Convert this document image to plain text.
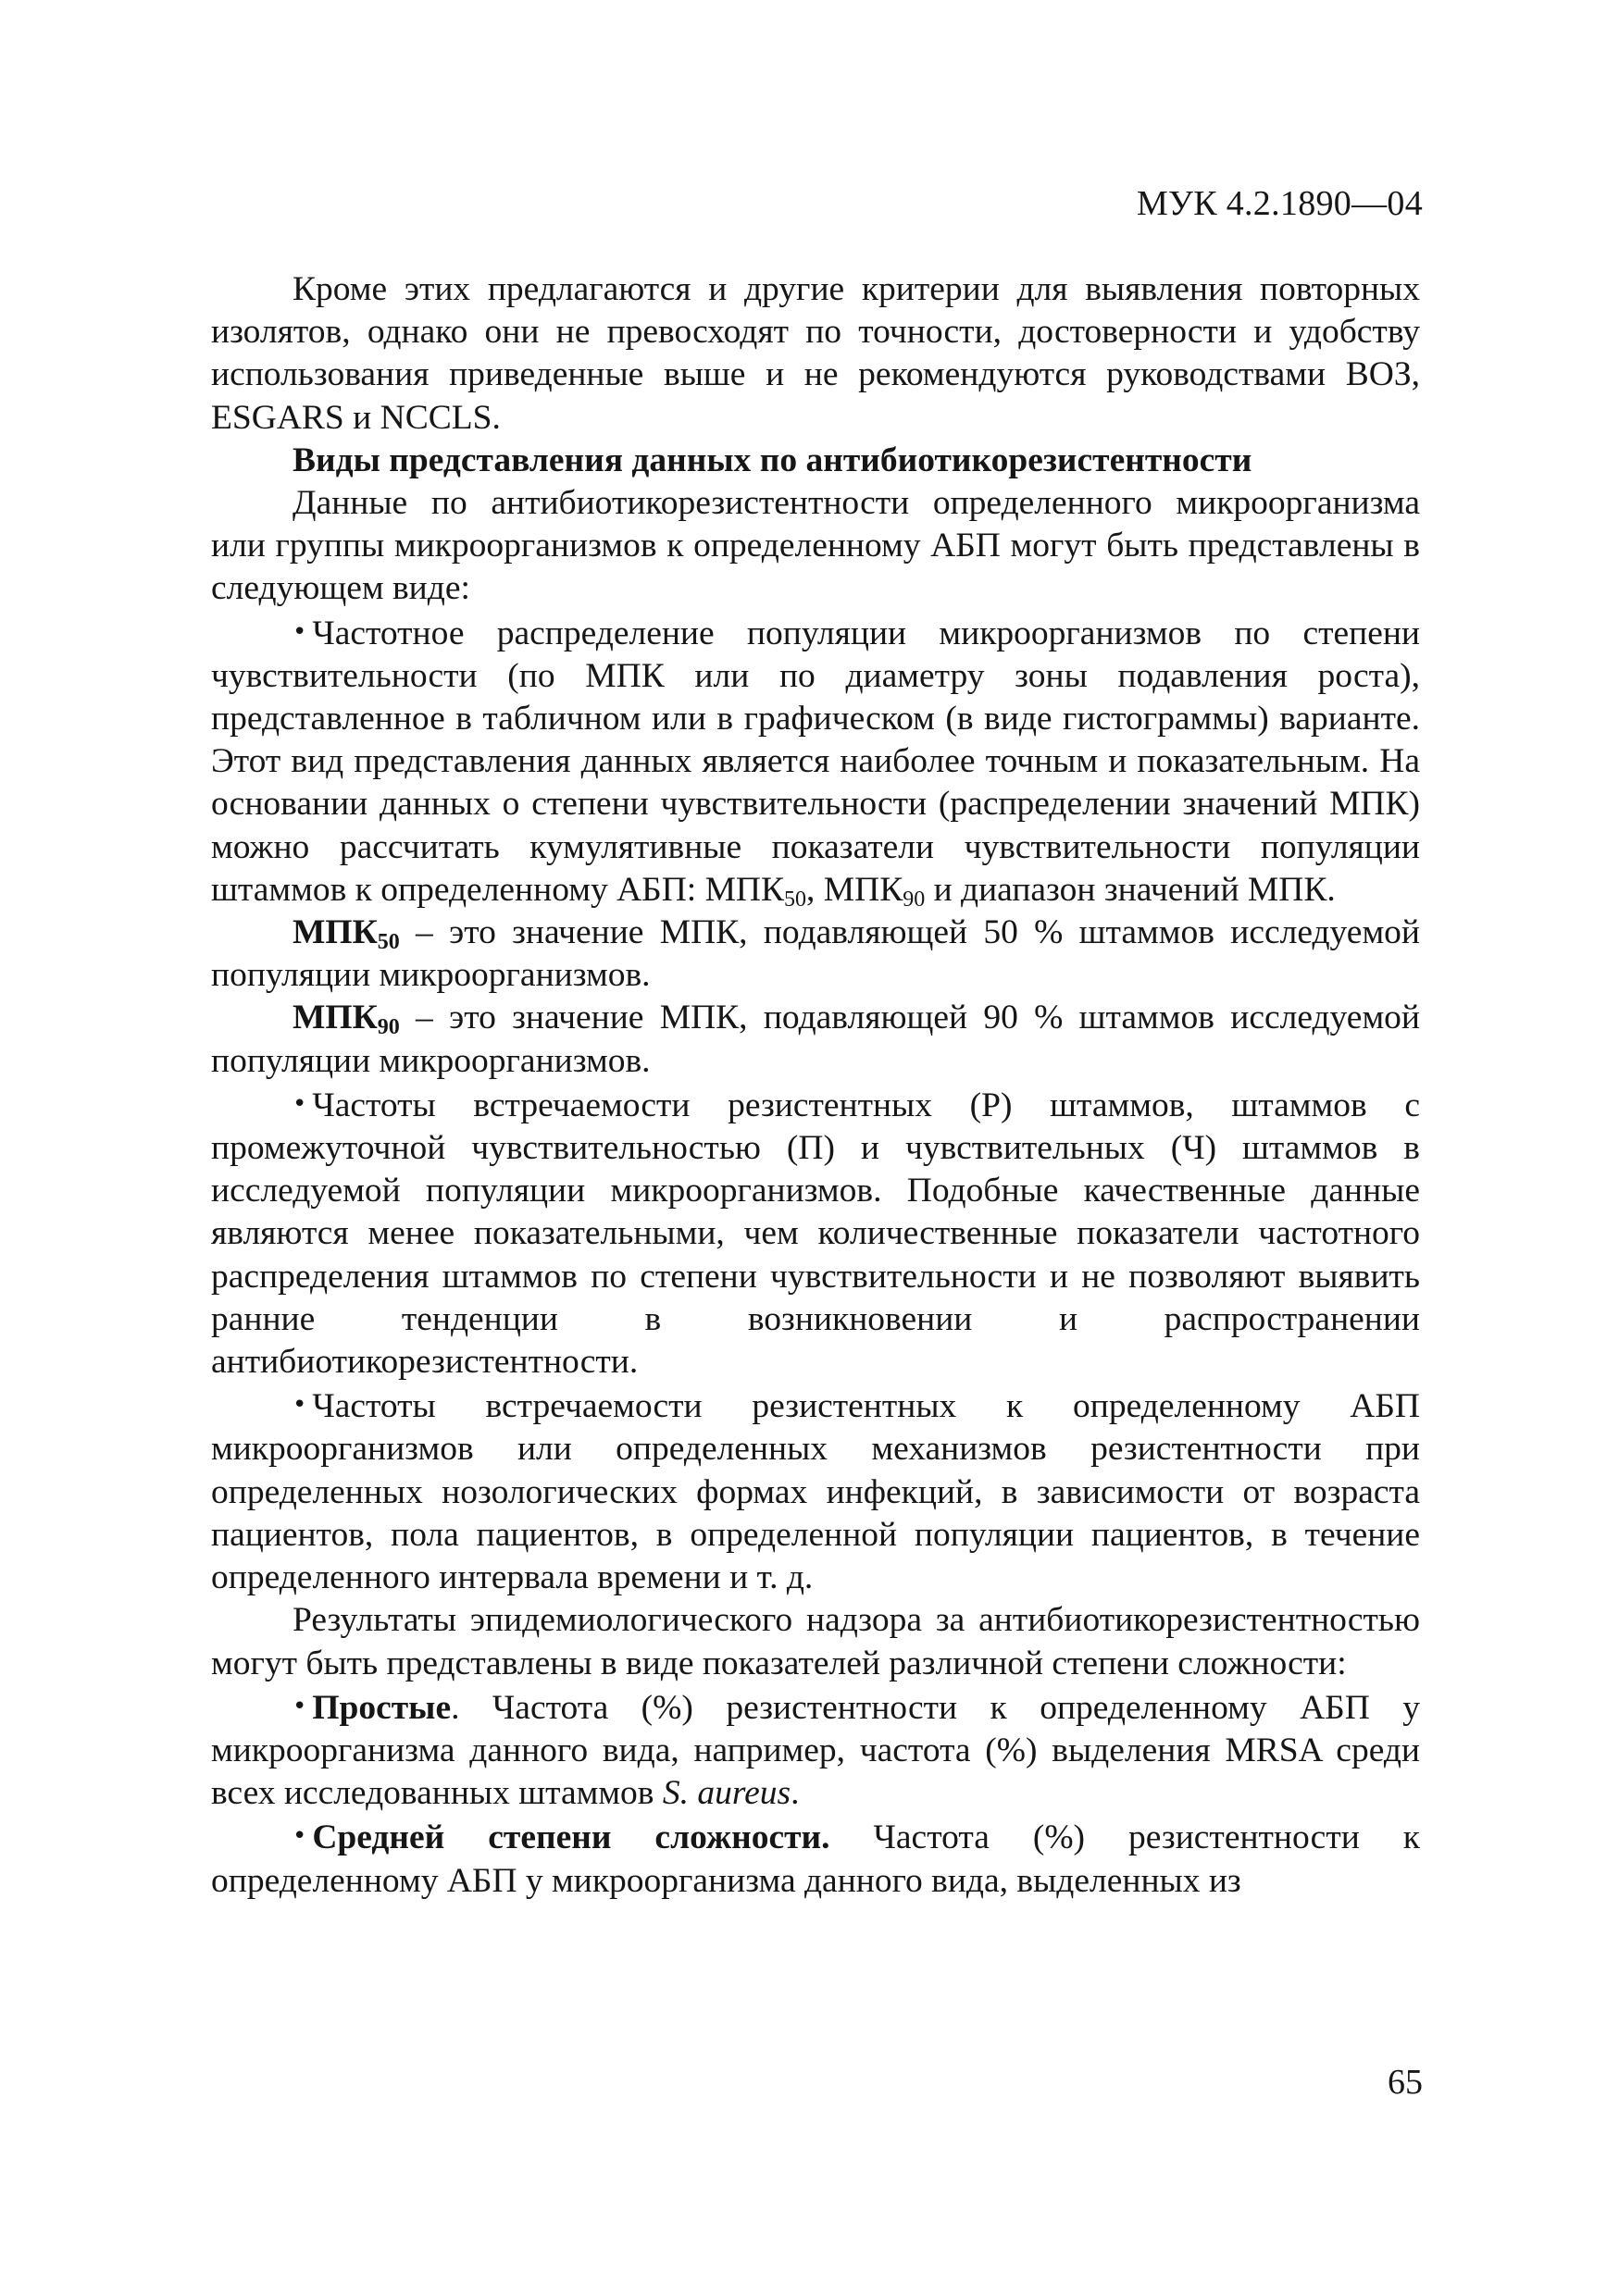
МУК 4.2.1890—04

Кроме этих предлагаются и другие критерии для выявления повторных изолятов, однако они не превосходят по точности, достоверности и удобству использования приведенные выше и не рекомендуются руководствами ВОЗ, ESGARS и NCCLS.

Виды представления данных по антибиотикорезистентности

Данные по антибиотикорезистентности определенного микроорганизма или группы микроорганизмов к определенному АБП могут быть представлены в следующем виде:

• Частотное распределение популяции микроорганизмов по степени чувствительности (по МПК или по диаметру зоны подавления роста), представленное в табличном или в графическом (в виде гистограммы) варианте. Этот вид представления данных является наиболее точным и показательным. На основании данных о степени чувствительности (распределении значений МПК) можно рассчитать кумулятивные показатели чувствительности популяции штаммов к определенному АБП: $МПК_{50}$, $МПК_{90}$ и диапазон значений МПК.

$МПК_{50}$ – это значение МПК, подавляющей 50 % штаммов исследуемой популяции микроорганизмов.

$МПК_{90}$ – это значение МПК, подавляющей 90 % штаммов исследуемой популяции микроорганизмов.

• Частоты встречаемости резистентных (Р) штаммов, штаммов с промежуточной чувствительностью (П) и чувствительных (Ч) штаммов в исследуемой популяции микроорганизмов. Подобные качественные данные являются менее показательными, чем количественные показатели частотного распределения штаммов по степени чувствительности и не позволяют выявить ранние тенденции в возникновении и распространении антибиотикорезистентности.

• Частоты встречаемости резистентных к определенному АБП микроорганизмов или определенных механизмов резистентности при определенных нозологических формах инфекций, в зависимости от возраста пациентов, пола пациентов, в определенной популяции пациентов, в течение определенного интервала времени и т. д.

Результаты эпидемиологического надзора за антибиотикорезистентностью могут быть представлены в виде показателей различной степени сложности:

• Простые. Частота (%) резистентности к определенному АБП у микроорганизма данного вида, например, частота (%) выделения MRSA среди всех исследованных штаммов S. aureus.

• Средней степени сложности. Частота (%) резистентности к определенному АБП у микроорганизма данного вида, выделенных из

65
